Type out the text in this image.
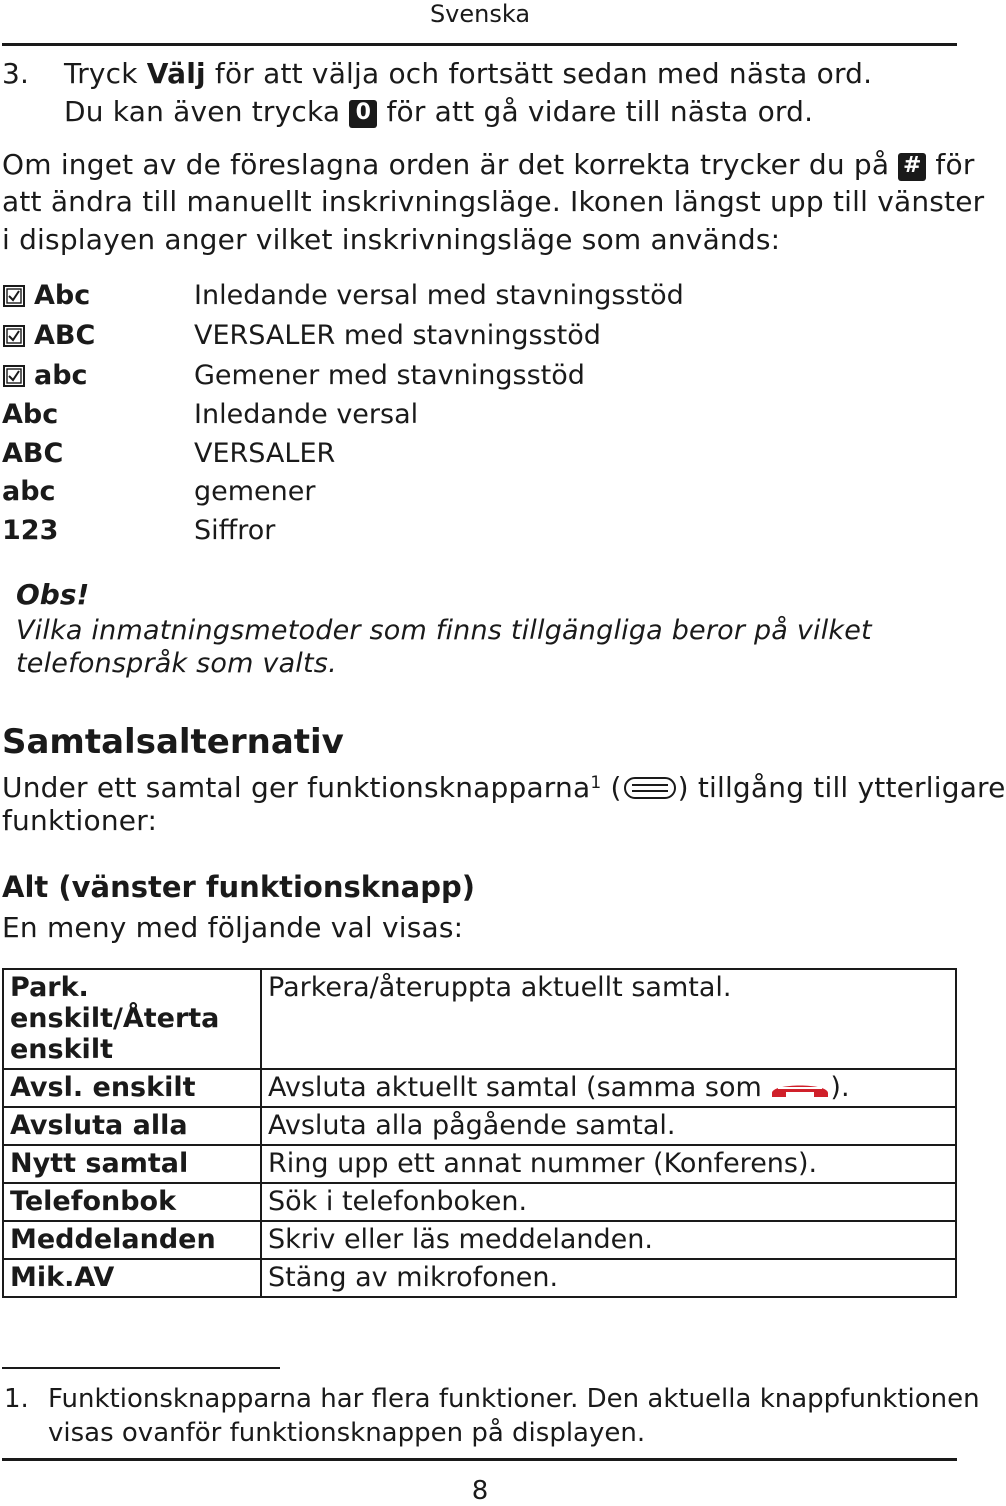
Svenska
3. Tryck Välj för att välja och fortsätt sedan med nästa ord.
Du kan även trycka 0 för att gå vidare till nästa ord.
Om inget av de föreslagna orden är det korrekta trycker du på # för
att ändra till manuellt inskrivningsläge. Ikonen längst upp till vänster
i displayen anger vilket inskrivningsläge som används:
Abc	Inledande versal med stavningsstöd
ABC	VERSALER med stavningsstöd
abc	Gemener med stavningsstöd
Abc	Inledande versal
ABC	VERSALER
abc	gemener
123	Siffror
Obs!
Vilka inmatningsmetoder som finns tillgängliga beror på vilket
telefonspråk som valts.
Samtalsalternativ
Under ett samtal ger funktionsknapparna$^1$ ( ) tillgång till ytterligare
funktioner:
Alt (vänster funktionsknapp)
En meny med följande val visas:
Park.
enskilt/Återta
enskilt	Parkera/återuppta aktuellt samtal.
Avsl. enskilt	Avsluta aktuellt samtal (samma som ).
Avsluta alla	Avsluta alla pågående samtal.
Nytt samtal	Ring upp ett annat nummer (Konferens).
Telefonbok	Sök i telefonboken.
Meddelanden	Skriv eller läs meddelanden.
Mik.AV	Stäng av mikrofonen.
1. Funktionsknapparna har flera funktioner. Den aktuella knappfunktionen
visas ovanför funktionsknappen på displayen.
8
